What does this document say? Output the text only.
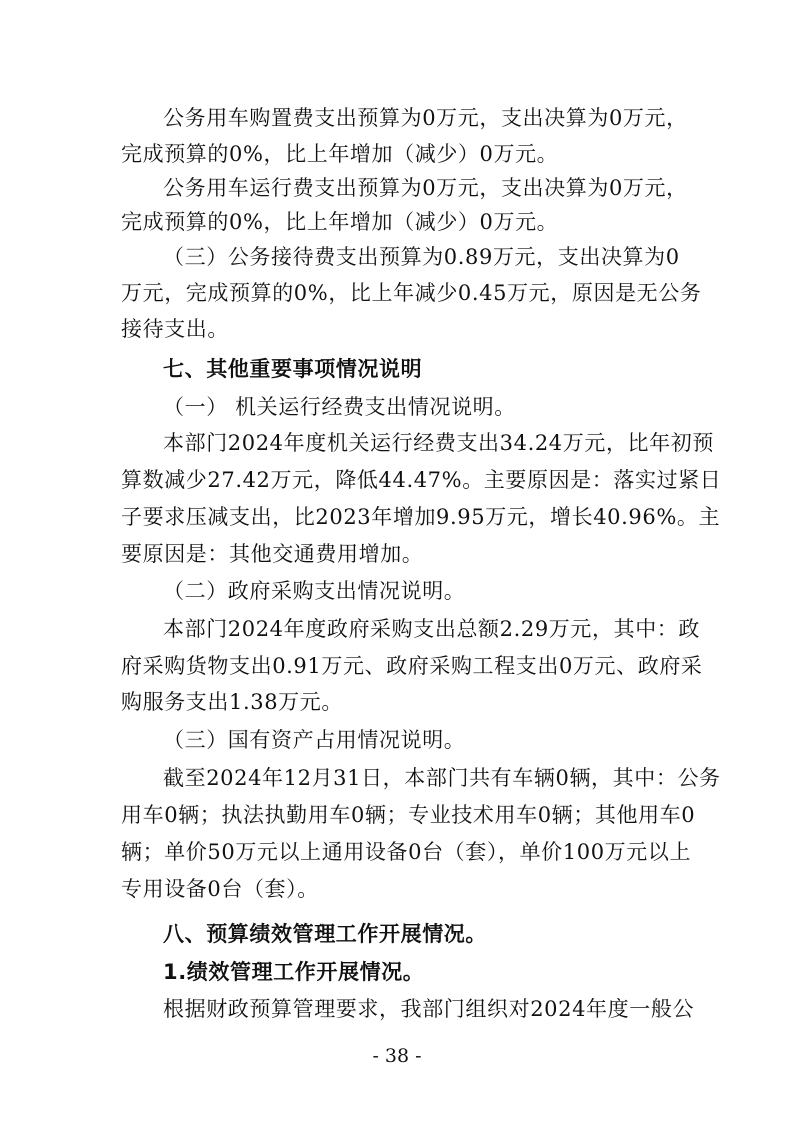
公务用车购置费支出预算为0万元，支出决算为0万元，
完成预算的0%，比上年增加（减少）0万元。
公务用车运行费支出预算为0万元，支出决算为0万元，
完成预算的0%，比上年增加（减少）0万元。
（三）公务接待费支出预算为0.89万元，支出决算为0
万元，完成预算的0%，比上年减少0.45万元，原因是无公务
接待支出。
七、其他重要事项情况说明
（一） 机关运行经费支出情况说明。
本部门2024年度机关运行经费支出34.24万元，比年初预
算数减少27.42万元，降低44.47%。主要原因是：落实过紧日
子要求压减支出，比2023年增加9.95万元，增长40.96%。主
要原因是：其他交通费用增加。
（二）政府采购支出情况说明。
本部门2024年度政府采购支出总额2.29万元，其中：政
府采购货物支出0.91万元、政府采购工程支出0万元、政府采
购服务支出1.38万元。
（三）国有资产占用情况说明。
截至2024年12月31日，本部门共有车辆0辆，其中：公务
用车0辆；执法执勤用车0辆；专业技术用车0辆；其他用车0
辆；单价50万元以上通用设备0台（套），单价100万元以上
专用设备0台（套）。
八、预算绩效管理工作开展情况。
1.绩效管理工作开展情况。
根据财政预算管理要求，我部门组织对2024年度一般公
- 38 -
